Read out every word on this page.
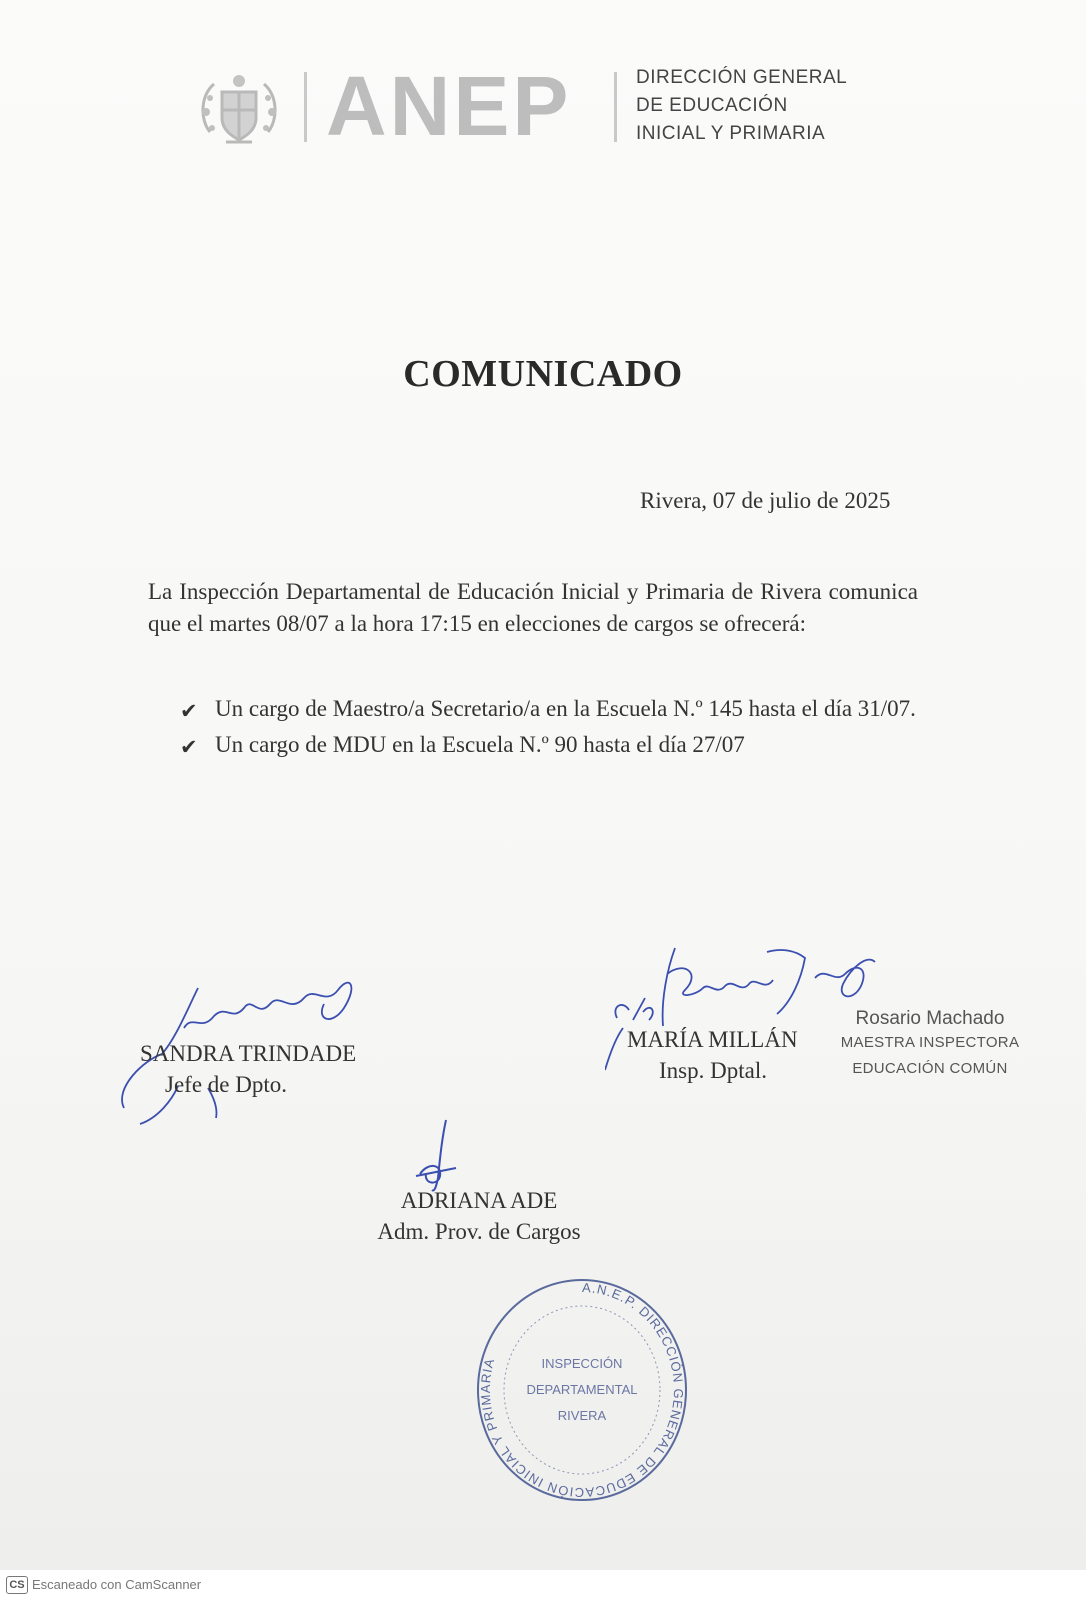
ANEP	DIRECCIÓN GENERAL
DE EDUCACIÓN
INICIAL Y PRIMARIA

COMUNICADO
Rivera, 07 de julio de 2025

La Inspección Departamental de Educación Inicial y Primaria de Rivera comunica que el martes 08/07 a la hora 17:15 en elecciones de cargos se ofrecerá:

✔ Un cargo de Maestro/a Secretario/a en la Escuela N.º 145 hasta el día 31/07.
✔ Un cargo de MDU en la Escuela N.º 90 hasta el día 27/07
SANDRA TRINDADE
Jefe de Dpto.
MARÍA MILLÁN
Insp. Dptal.
Rosario Machado
MAESTRA INSPECTORA
EDUCACIÓN COMÚN
ADRIANA ADE
Adm. Prov. de Cargos
A.N.E.P. DIRECCIÓN GENERAL DE EDUCACIÓN INICIAL Y PRIMARIA	INSPECCIÓN
DEPARTAMENTAL
RIVERA
CS Escaneado con CamScanner
